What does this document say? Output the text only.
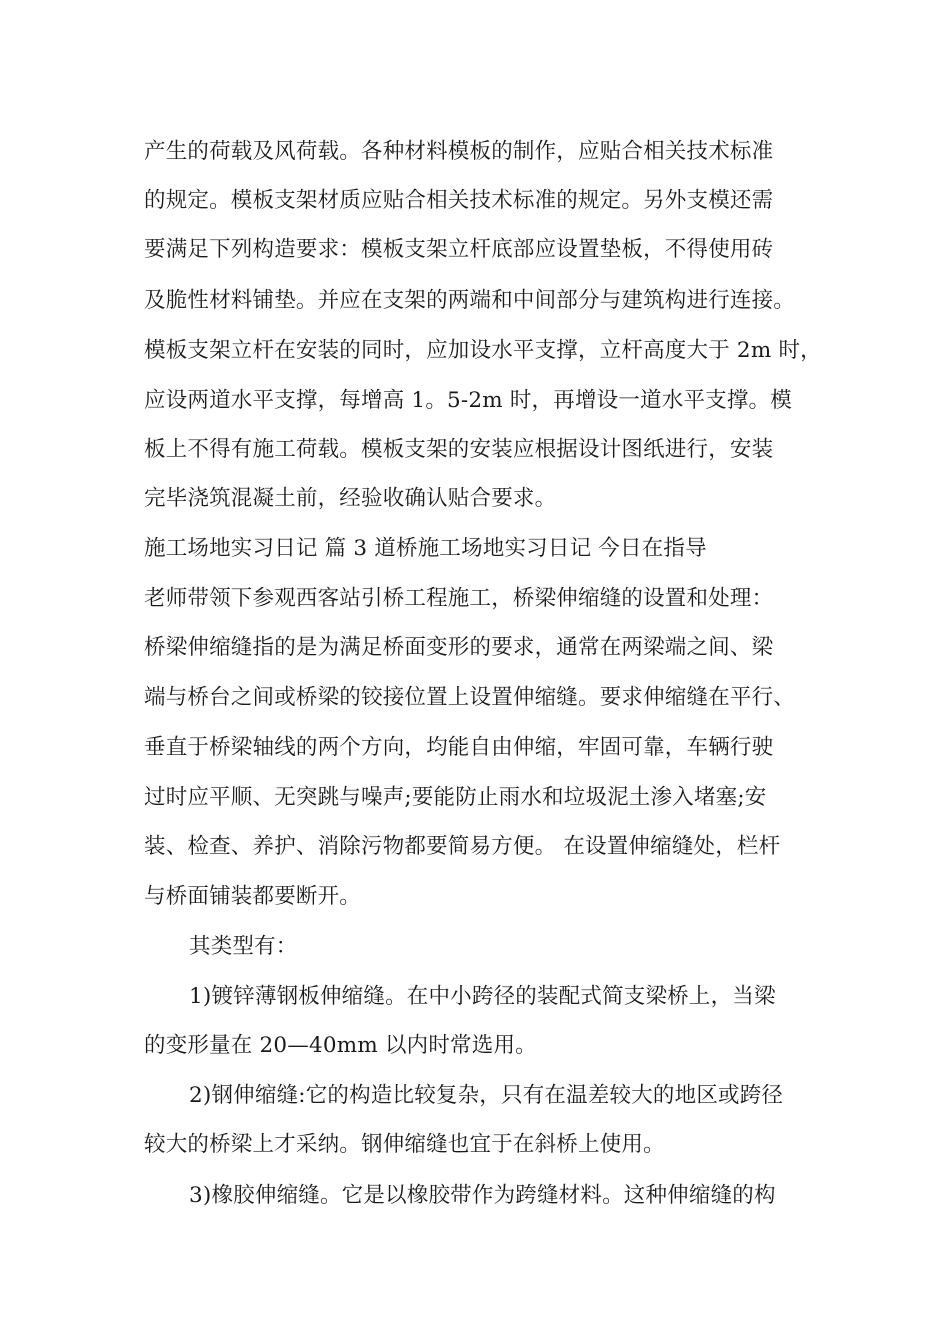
产生的荷载及风荷载。各种材料模板的制作，应贴合相关技术标准
的规定。模板支架材质应贴合相关技术标准的规定。另外支模还需
要满足下列构造要求：模板支架立杆底部应设置垫板，不得使用砖
及脆性材料铺垫。并应在支架的两端和中间部分与建筑构进行连接。
模板支架立杆在安装的同时，应加设水平支撑，立杆高度大于 2m 时，
应设两道水平支撑，每增高 1。5-2m 时，再增设一道水平支撑。模
板上不得有施工荷载。模板支架的安装应根据设计图纸进行，安装
完毕浇筑混凝土前，经验收确认贴合要求。
施工场地实习日记 篇 3 道桥施工场地实习日记 今日在指导
老师带领下参观西客站引桥工程施工，桥梁伸缩缝的设置和处理：
桥梁伸缩缝指的是为满足桥面变形的要求，通常在两梁端之间、梁
端与桥台之间或桥梁的铰接位置上设置伸缩缝。要求伸缩缝在平行、
垂直于桥梁轴线的两个方向，均能自由伸缩，牢固可靠，车辆行驶
过时应平顺、无突跳与噪声;要能防止雨水和垃圾泥土渗入堵塞;安
装、检查、养护、消除污物都要简易方便。 在设置伸缩缝处，栏杆
与桥面铺装都要断开。
其类型有：
1)镀锌薄钢板伸缩缝。在中小跨径的装配式简支梁桥上，当梁
的变形量在 20—40mm 以内时常选用。
2)钢伸缩缝:它的构造比较复杂，只有在温差较大的地区或跨径
较大的桥梁上才采纳。钢伸缩缝也宜于在斜桥上使用。
3)橡胶伸缩缝。它是以橡胶带作为跨缝材料。这种伸缩缝的构
